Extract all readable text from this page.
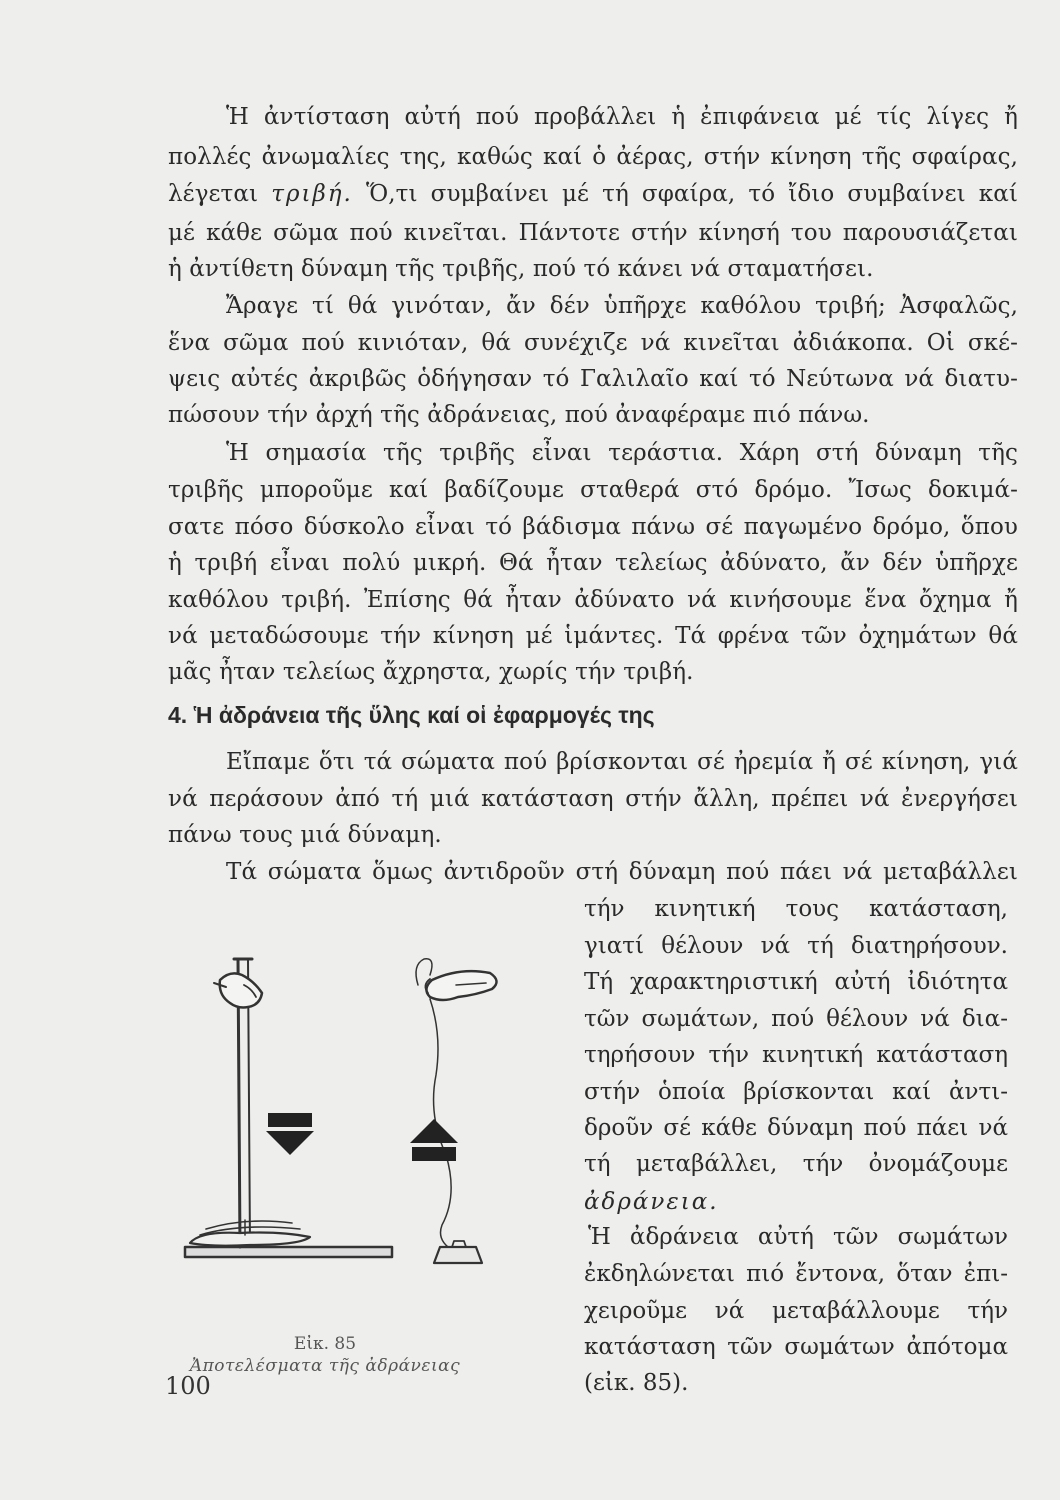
Ἡ ἀντίσταση αὐτή πού προβάλλει ἡ ἐπιφάνεια μέ τίς λίγες ἤ
πολλές ἀνωμαλίες της, καθώς καί ὁ ἀέρας, στήν κίνηση τῆς σφαίρας,
λέγεται τριβή. Ὅ,τι συμβαίνει μέ τή σφαίρα, τό ἴδιο συμβαίνει καί
μέ κάθε σῶμα πού κινεῖται. Πάντοτε στήν κίνησή του παρουσιάζεται
ἡ ἀντίθετη δύναμη τῆς τριβῆς, πού τό κάνει νά σταματήσει.
Ἄραγε τί θά γινόταν, ἄν δέν ὑπῆρχε καθόλου τριβή; Ἀσφαλῶς,
ἕνα σῶμα πού κινιόταν, θά συνέχιζε νά κινεῖται ἀδιάκοπα. Οἱ σκέ-
ψεις αὐτές ἀκριβῶς ὁδήγησαν τό Γαλιλαῖο καί τό Νεύτωνα νά διατυ-
πώσουν τήν ἀρχή τῆς ἀδράνειας, πού ἀναφέραμε πιό πάνω.
Ἡ σημασία τῆς τριβῆς εἶναι τεράστια. Χάρη στή δύναμη τῆς
τριβῆς μποροῦμε καί βαδίζουμε σταθερά στό δρόμο. Ἴσως δοκιμά-
σατε πόσο δύσκολο εἶναι τό βάδισμα πάνω σέ παγωμένο δρόμο, ὅπου
ἡ τριβή εἶναι πολύ μικρή. Θά ἦταν τελείως ἀδύνατο, ἄν δέν ὑπῆρχε
καθόλου τριβή. Ἐπίσης θά ἦταν ἀδύνατο νά κινήσουμε ἕνα ὄχημα ἤ
νά μεταδώσουμε τήν κίνηση μέ ἱμάντες. Τά φρένα τῶν ὀχημάτων θά
μᾶς ἦταν τελείως ἄχρηστα, χωρίς τήν τριβή.
4. Ἡ ἀδράνεια τῆς ὕλης καί οἱ ἐφαρμογές της
Εἴπαμε ὅτι τά σώματα πού βρίσκονται σέ ἠρεμία ἤ σέ κίνηση, γιά
νά περάσουν ἀπό τή μιά κατάσταση στήν ἄλλη, πρέπει νά ἐνεργήσει
πάνω τους μιά δύναμη.
Τά σώματα ὅμως ἀντιδροῦν στή δύναμη πού πάει νά μεταβάλλει
τήν κινητική τους κατάσταση,
γιατί θέλουν νά τή διατηρήσουν.
Τή χαρακτηριστική αὐτή ἰδιότητα
τῶν σωμάτων, πού θέλουν νά δια-
τηρήσουν τήν κινητική κατάσταση
στήν ὁποία βρίσκονται καί ἀντι-
δροῦν σέ κάθε δύναμη πού πάει νά
τή μεταβάλλει, τήν ὀνομάζουμε
ἀδράνεια.
Ἡ ἀδράνεια αὐτή τῶν σωμάτων
ἐκδηλώνεται πιό ἔντονα, ὅταν ἐπι-
χειροῦμε νά μεταβάλλουμε τήν
κατάσταση τῶν σωμάτων ἀπότομα
(εἰκ. 85).
Εἰκ. 85
Ἀποτελέσματα τῆς ἀδράνειας
100
